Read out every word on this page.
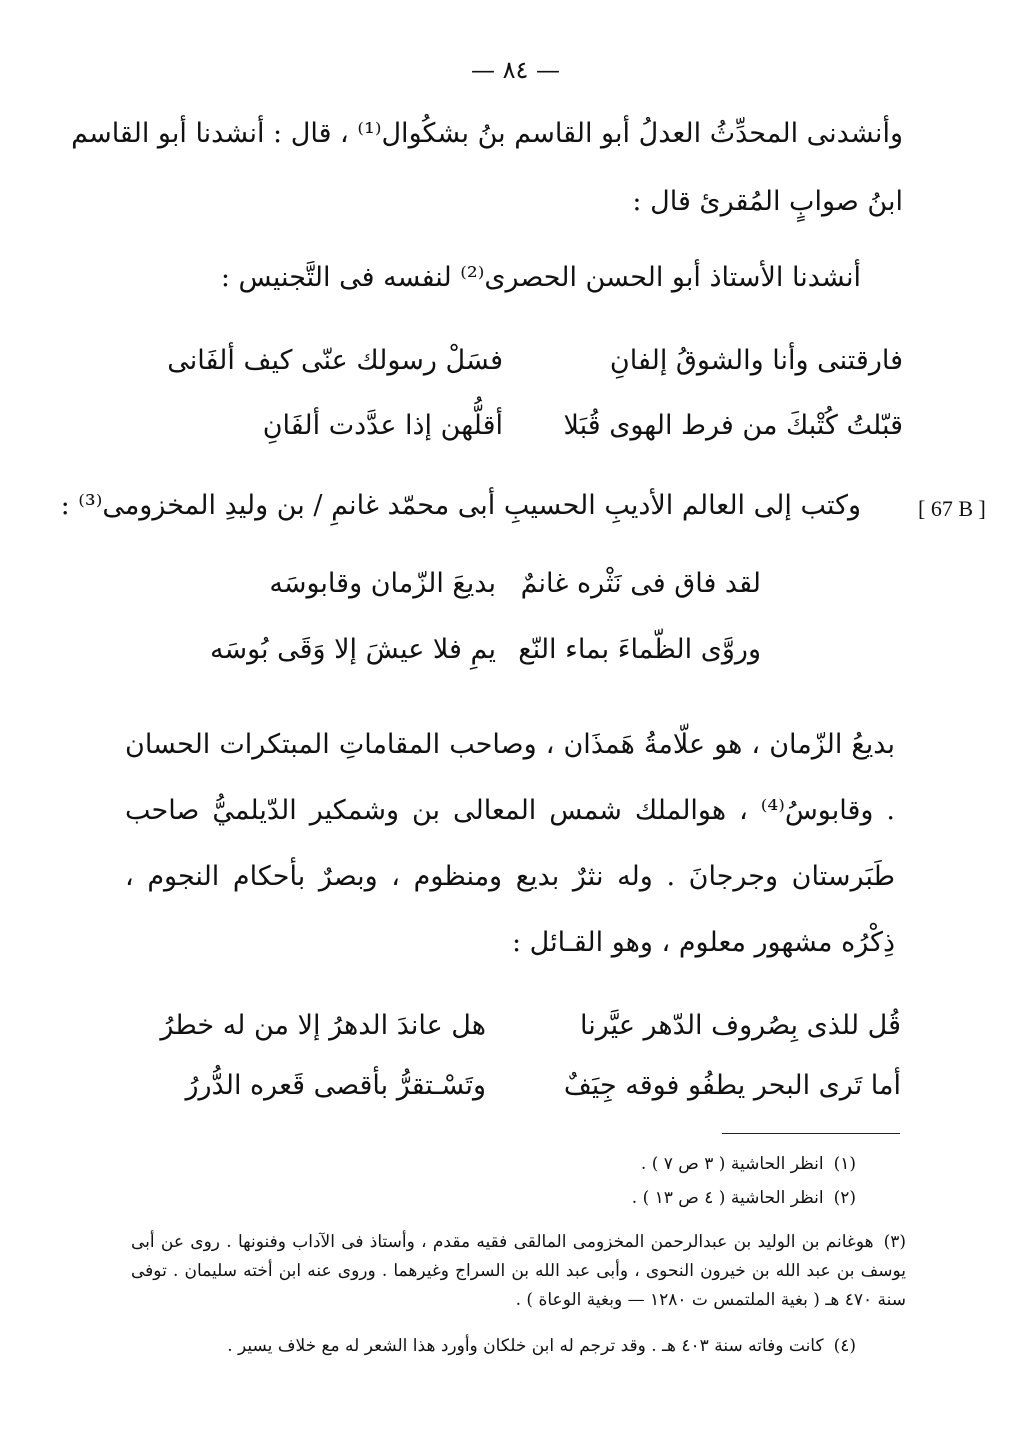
— ٨٤ —
وأنشدنى المحدِّثُ العدلُ أبو القاسم بنُ بشكُوال⁽¹⁾ ، قال : أنشدنا أبو القاسم
ابنُ صوابٍ المُقرئ قال :
أنشدنا الأستاذ أبو الحسن الحصرى⁽²⁾ لنفسه فى التَّجنيس :
فارقتنى وأنا والشوقُ إلفانِ
فسَلْ رسولك عنّى كيف ألفَانى
قبّلتُ كُتْبكَ من فرط الهوى قُبَلا
أقلُّهن إذا عدَّدت ألفَانِ
[ 67 B ]
وكتب إلى العالم الأديبِ الحسيبِ أبى محمّد غانمِ / بن وليدِ المخزومى⁽³⁾ :
لقد فاق فى نَثْره غانمٌ
بديعَ الزّمان وقابوسَه
وروَّى الظّماءَ بماء النّع
يمِ فلا عيشَ إلا وَقَى بُوسَه
بديعُ الزّمان ، هو علّامةُ هَمذَان ، وصاحب المقاماتِ المبتكرات الحسان . وقابوسُ⁽⁴⁾ ، هوالملك شمس المعالى بن وشمكير الدّيلميُّ صاحب طَبَرستان وجرجانَ . وله نثرٌ بديع ومنظوم ، وبصرٌ بأحكام النجوم ، ذِكْرُه مشهور معلوم ، وهو القـائل :
قُل للذى بِصُروف الدّهر عيَّرنا
هل عاندَ الدهرُ إلا من له خطرُ
أما تَرى البحر يطفُو فوقه جِيَفٌ
وتَسْـتقرُّ بأقصى قَعره الدُّررُ
(١)انظر الحاشية ( ٣ ص ٧ ) .
(٢)انظر الحاشية ( ٤ ص ١٣ ) .
(٣)هوغانم بن الوليد بن عبدالرحمن المخزومى المالقى فقيه مقدم ، وأستاذ فى الآداب وفنونها . روى عن أبى يوسف بن عبد الله بن خيرون النحوى ، وأبى عبد الله بن السراج وغيرهما . وروى عنه ابن أخته سليمان . توفى سنة ٤٧٠ هـ ( بغية الملتمس ت ١٢٨٠ — وبغية الوعاة ) .
(٤)كانت وفاته سنة ٤٠٣ هـ . وقد ترجم له ابن خلكان وأورد هذا الشعر له مع خلاف يسير .
